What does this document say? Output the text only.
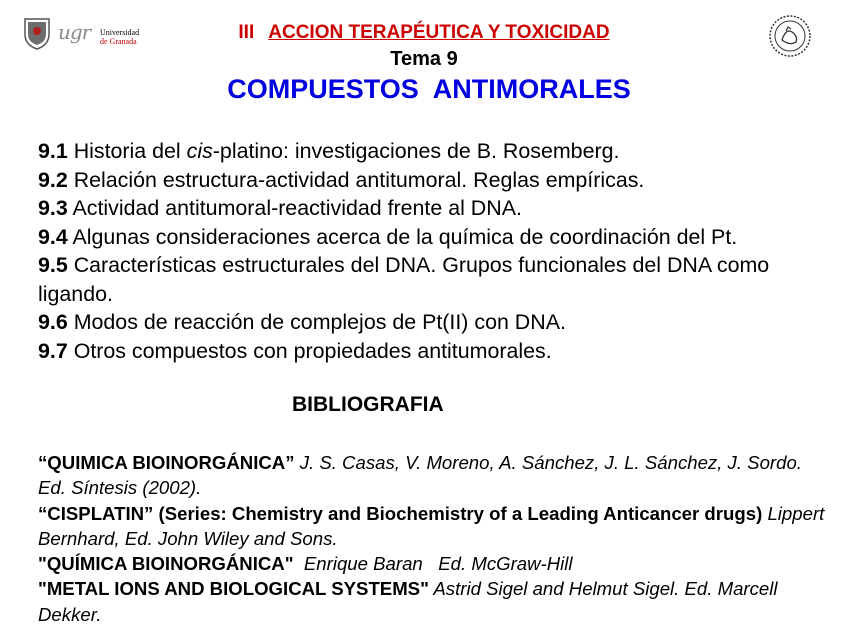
ugr Universidad
de Granada	III ACCION TERAPÉUTICA Y TOXICIDAD
Tema 9
COMPUESTOS  ANTIMORALES
9.1 Historia del cis-platino: investigaciones de B. Rosemberg.
9.2 Relación estructura-actividad antitumoral. Reglas empíricas.
9.3 Actividad antitumoral-reactividad frente al DNA.
9.4 Algunas consideraciones acerca de la química de coordinación del Pt.
9.5 Características estructurales del DNA. Grupos funcionales del DNA como ligando.
9.6 Modos de reacción de complejos de Pt(II) con DNA.
9.7 Otros compuestos con propiedades antitumorales.
BIBLIOGRAFIA
“QUIMICA BIOINORGÁNICA” J. S. Casas, V. Moreno, A. Sánchez, J. L. Sánchez, J. Sordo. Ed. Síntesis (2002).
“CISPLATIN” (Series: Chemistry and Biochemistry of a Leading Anticancer drugs) Lippert Bernhard, Ed. John Wiley and Sons.
"QUÍMICA BIOINORGÁNICA"  Enrique Baran   Ed. McGraw-Hill
"METAL IONS AND BIOLOGICAL SYSTEMS" Astrid Sigel and Helmut Sigel. Ed. Marcell Dekker.
